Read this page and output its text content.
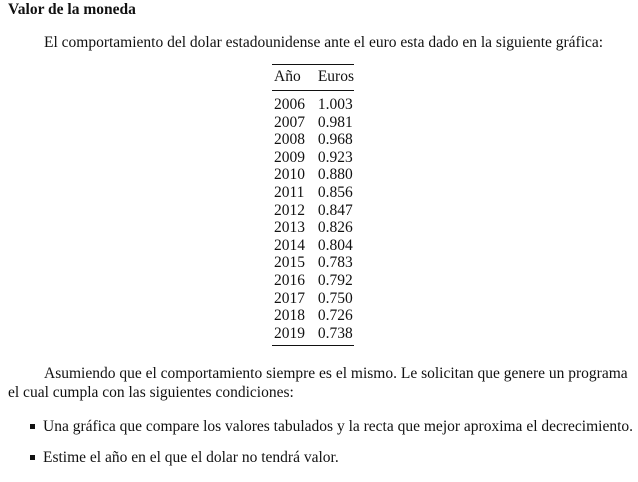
Valor de la moneda
El comportamiento del dolar estadounidense ante el euro esta dado en la siguiente gráfica:
Año	Euros
2006	1.003
2007	0.981
2008	0.968
2009	0.923
2010	0.880
2011	0.856
2012	0.847
2013	0.826
2014	0.804
2015	0.783
2016	0.792
2017	0.750
2018	0.726
2019	0.738
Asumiendo que el comportamiento siempre es el mismo. Le solicitan que genere un programa el cual cumpla con las siguientes condiciones:
Una gráfica que compare los valores tabulados y la recta que mejor aproxima el decrecimiento.
Estime el año en el que el dolar no tendrá valor.
